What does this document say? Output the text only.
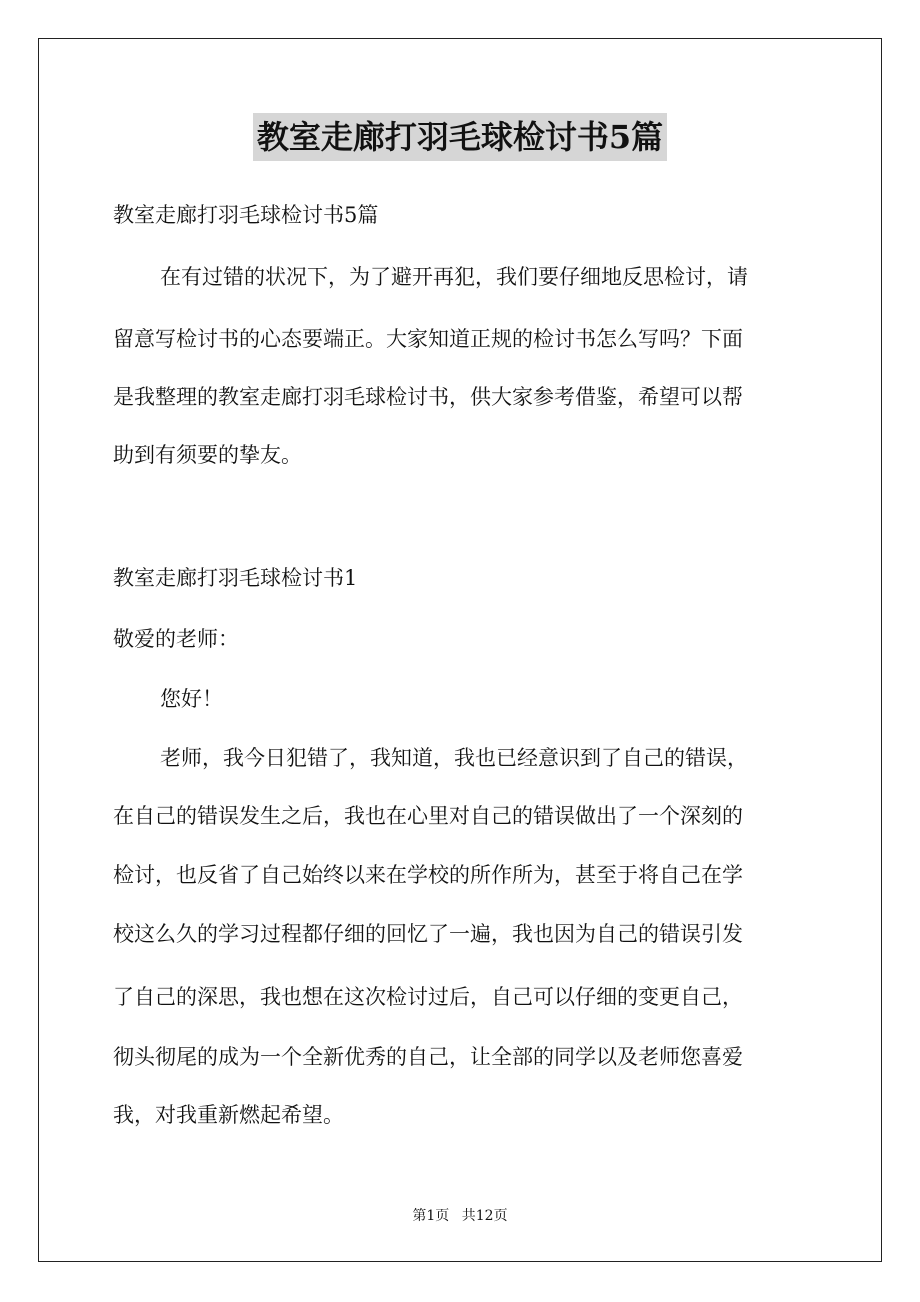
教室走廊打羽毛球检讨书5篇
教室走廊打羽毛球检讨书5篇
在有过错的状况下，为了避开再犯，我们要仔细地反思检讨，请
留意写检讨书的心态要端正。大家知道正规的检讨书怎么写吗？下面
是我整理的教室走廊打羽毛球检讨书，供大家参考借鉴，希望可以帮
助到有须要的挚友。
教室走廊打羽毛球检讨书1
敬爱的老师：
您好！
老师，我今日犯错了，我知道，我也已经意识到了自己的错误，
在自己的错误发生之后，我也在心里对自己的错误做出了一个深刻的
检讨，也反省了自己始终以来在学校的所作所为，甚至于将自己在学
校这么久的学习过程都仔细的回忆了一遍，我也因为自己的错误引发
了自己的深思，我也想在这次检讨过后，自己可以仔细的变更自己，
彻头彻尾的成为一个全新优秀的自己，让全部的同学以及老师您喜爱
我，对我重新燃起希望。
第1页 共12页
